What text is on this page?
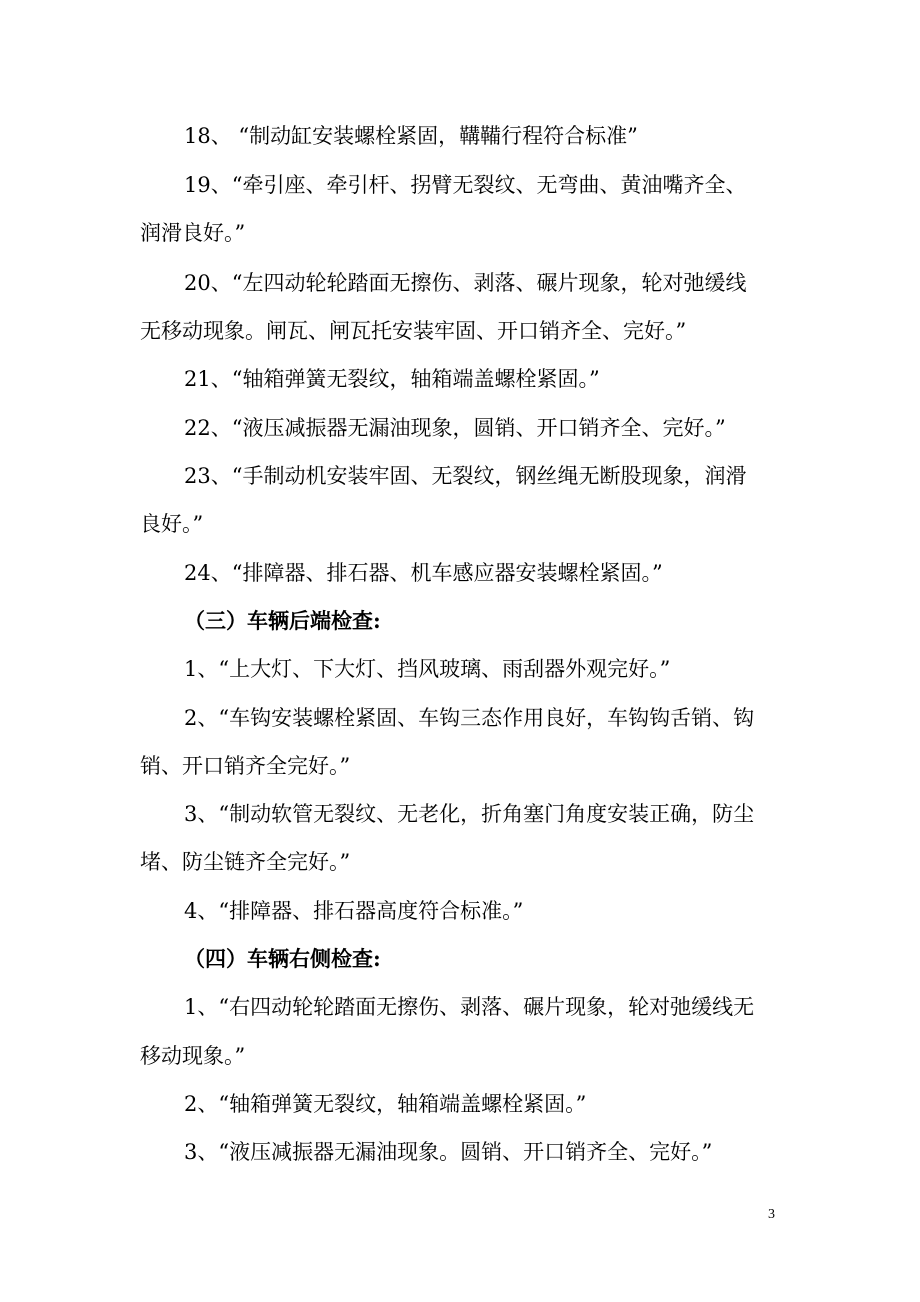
18、 “制动缸安装螺栓紧固，鞲鞴行程符合标准”
19、“牵引座、牵引杆、拐臂无裂纹、无弯曲、黄油嘴齐全、
润滑良好。”
20、“左四动轮轮踏面无擦伤、剥落、碾片现象，轮对弛缓线
无移动现象。闸瓦、闸瓦托安装牢固、开口销齐全、完好。”
21、“轴箱弹簧无裂纹，轴箱端盖螺栓紧固。”
22、“液压减振器无漏油现象，圆销、开口销齐全、完好。”
23、“手制动机安装牢固、无裂纹，钢丝绳无断股现象，润滑
良好。”
24、“排障器、排石器、机车感应器安装螺栓紧固。”
（三）车辆后端检查:
1、“上大灯、下大灯、挡风玻璃、雨刮器外观完好。”
2、“车钩安装螺栓紧固、车钩三态作用良好，车钩钩舌销、钩
销、开口销齐全完好。”
3、“制动软管无裂纹、无老化，折角塞门角度安装正确，防尘
堵、防尘链齐全完好。”
4、“排障器、排石器高度符合标准。”
（四）车辆右侧检查:
1、“右四动轮轮踏面无擦伤、剥落、碾片现象，轮对弛缓线无
移动现象。”
2、“轴箱弹簧无裂纹，轴箱端盖螺栓紧固。”
3、“液压减振器无漏油现象。圆销、开口销齐全、完好。”
3
